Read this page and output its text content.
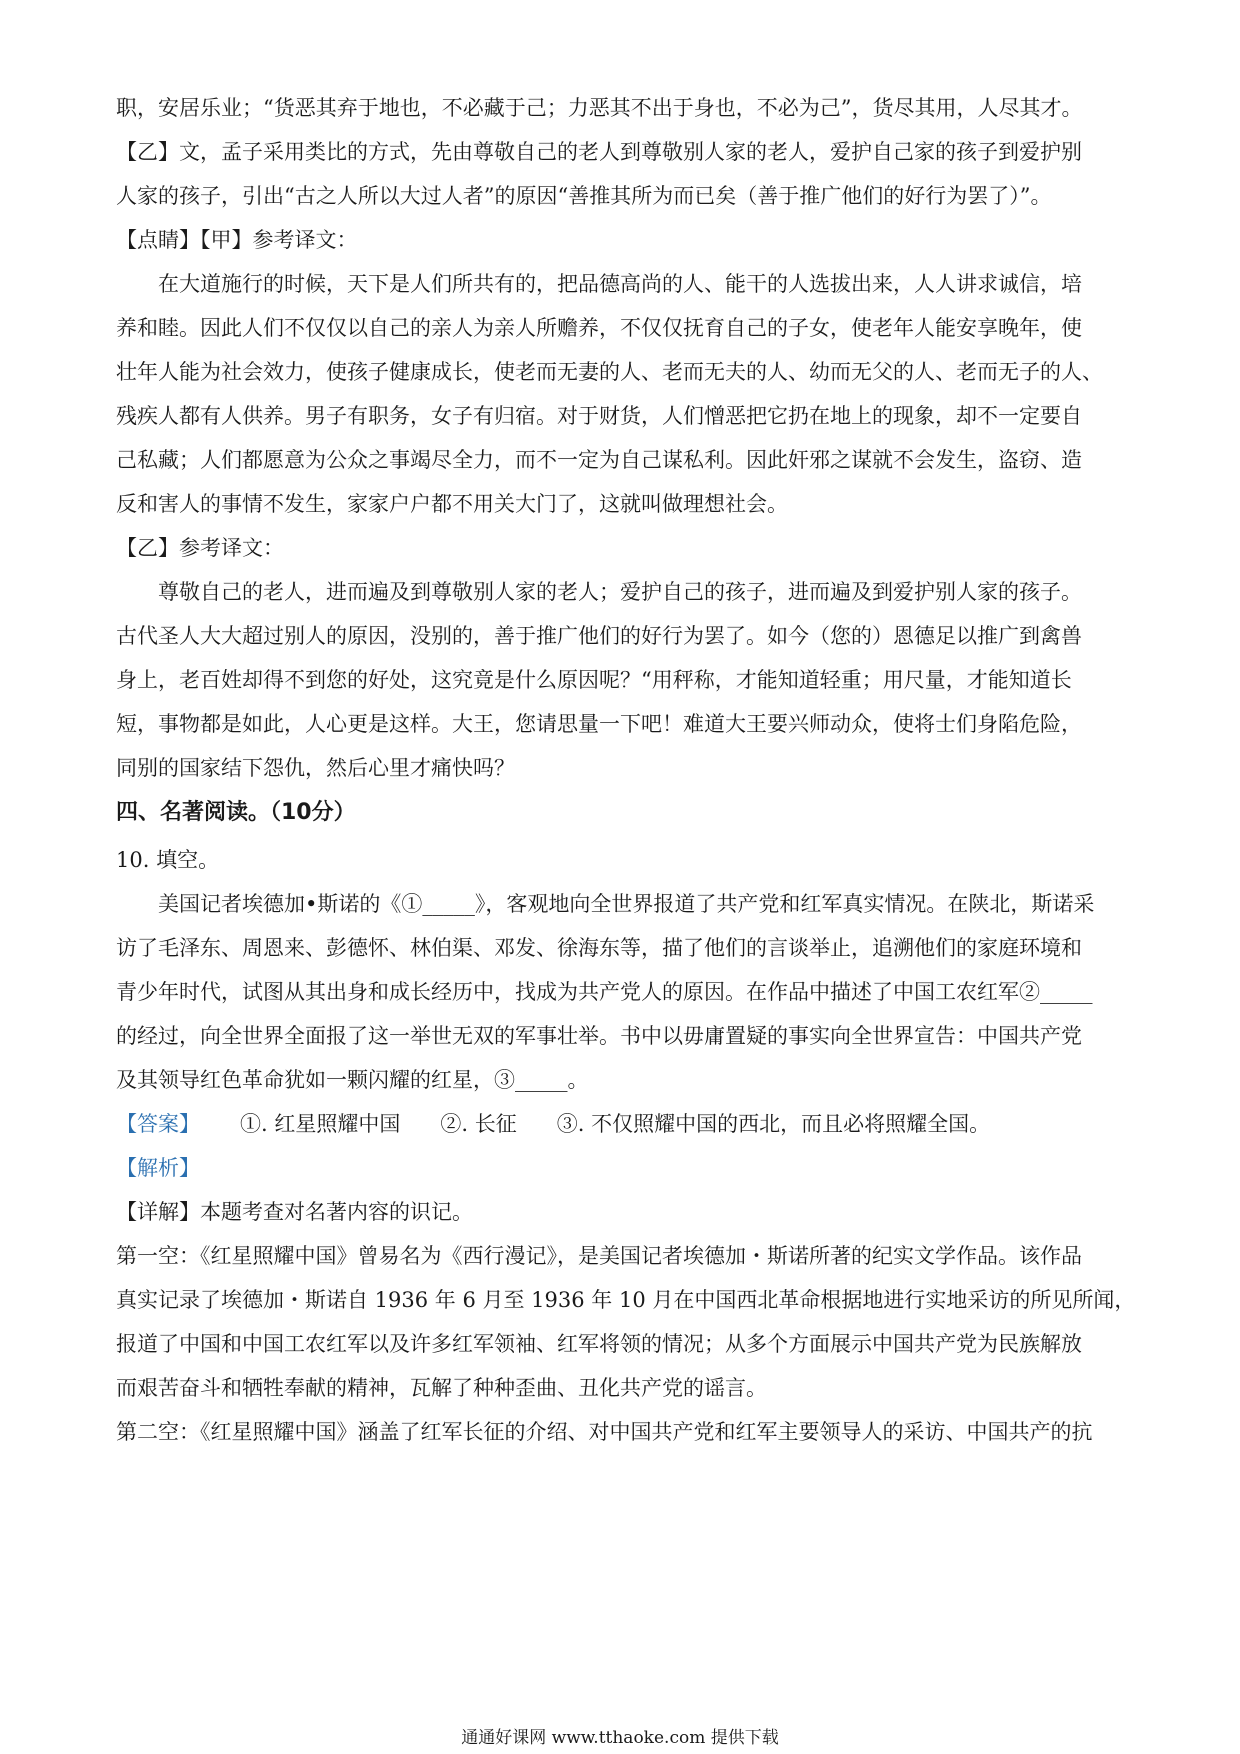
职，安居乐业；“货恶其弃于地也，不必藏于己；力恶其不出于身也，不必为己”，货尽其用，人尽其才。
【乙】文，孟子采用类比的方式，先由尊敬自己的老人到尊敬别人家的老人，爱护自己家的孩子到爱护别
人家的孩子，引出“古之人所以大过人者”的原因“善推其所为而已矣（善于推广他们的好行为罢了）”。
【点睛】【甲】参考译文：
在大道施行的时候，天下是人们所共有的，把品德高尚的人、能干的人选拔出来，人人讲求诚信，培
养和睦。因此人们不仅仅以自己的亲人为亲人所赡养，不仅仅抚育自己的子女，使老年人能安享晚年，使
壮年人能为社会效力，使孩子健康成长，使老而无妻的人、老而无夫的人、幼而无父的人、老而无子的人、
残疾人都有人供养。男子有职务，女子有归宿。对于财货，人们憎恶把它扔在地上的现象，却不一定要自
己私藏；人们都愿意为公众之事竭尽全力，而不一定为自己谋私利。因此奸邪之谋就不会发生，盗窃、造
反和害人的事情不发生，家家户户都不用关大门了，这就叫做理想社会。
【乙】参考译文：
尊敬自己的老人，进而遍及到尊敬别人家的老人；爱护自己的孩子，进而遍及到爱护别人家的孩子。
古代圣人大大超过别人的原因，没别的，善于推广他们的好行为罢了。如今（您的）恩德足以推广到禽兽
身上，老百姓却得不到您的好处，这究竟是什么原因呢？“用秤称，才能知道轻重；用尺量，才能知道长
短，事物都是如此，人心更是这样。大王，您请思量一下吧！难道大王要兴师动众，使将士们身陷危险，
同别的国家结下怨仇，然后心里才痛快吗？
四、名著阅读。（10分）
10. 填空。
美国记者埃德加•斯诺的《①_____》，客观地向全世界报道了共产党和红军真实情况。在陕北，斯诺采
访了毛泽东、周恩来、彭德怀、林伯渠、邓发、徐海东等，描了他们的言谈举止，追溯他们的家庭环境和
青少年时代，试图从其出身和成长经历中，找成为共产党人的原因。在作品中描述了中国工农红军②_____
的经过，向全世界全面报了这一举世无双的军事壮举。书中以毋庸置疑的事实向全世界宣告：中国共产党
及其领导红色革命犹如一颗闪耀的红星，③_____。
【答案】 ①. 红星照耀中国 ②. 长征 ③. 不仅照耀中国的西北，而且必将照耀全国。
【解析】
【详解】本题考查对名著内容的识记。
第一空：《红星照耀中国》曾易名为《西行漫记》，是美国记者埃德加・斯诺所著的纪实文学作品。该作品
真实记录了埃德加・斯诺自 1936 年 6 月至 1936 年 10 月在中国西北革命根据地进行实地采访的所见所闻，
报道了中国和中国工农红军以及许多红军领袖、红军将领的情况；从多个方面展示中国共产党为民族解放
而艰苦奋斗和牺牲奉献的精神，瓦解了种种歪曲、丑化共产党的谣言。
第二空：《红星照耀中国》涵盖了红军长征的介绍、对中国共产党和红军主要领导人的采访、中国共产的抗
通通好课网 www.tthaoke.com 提供下载
